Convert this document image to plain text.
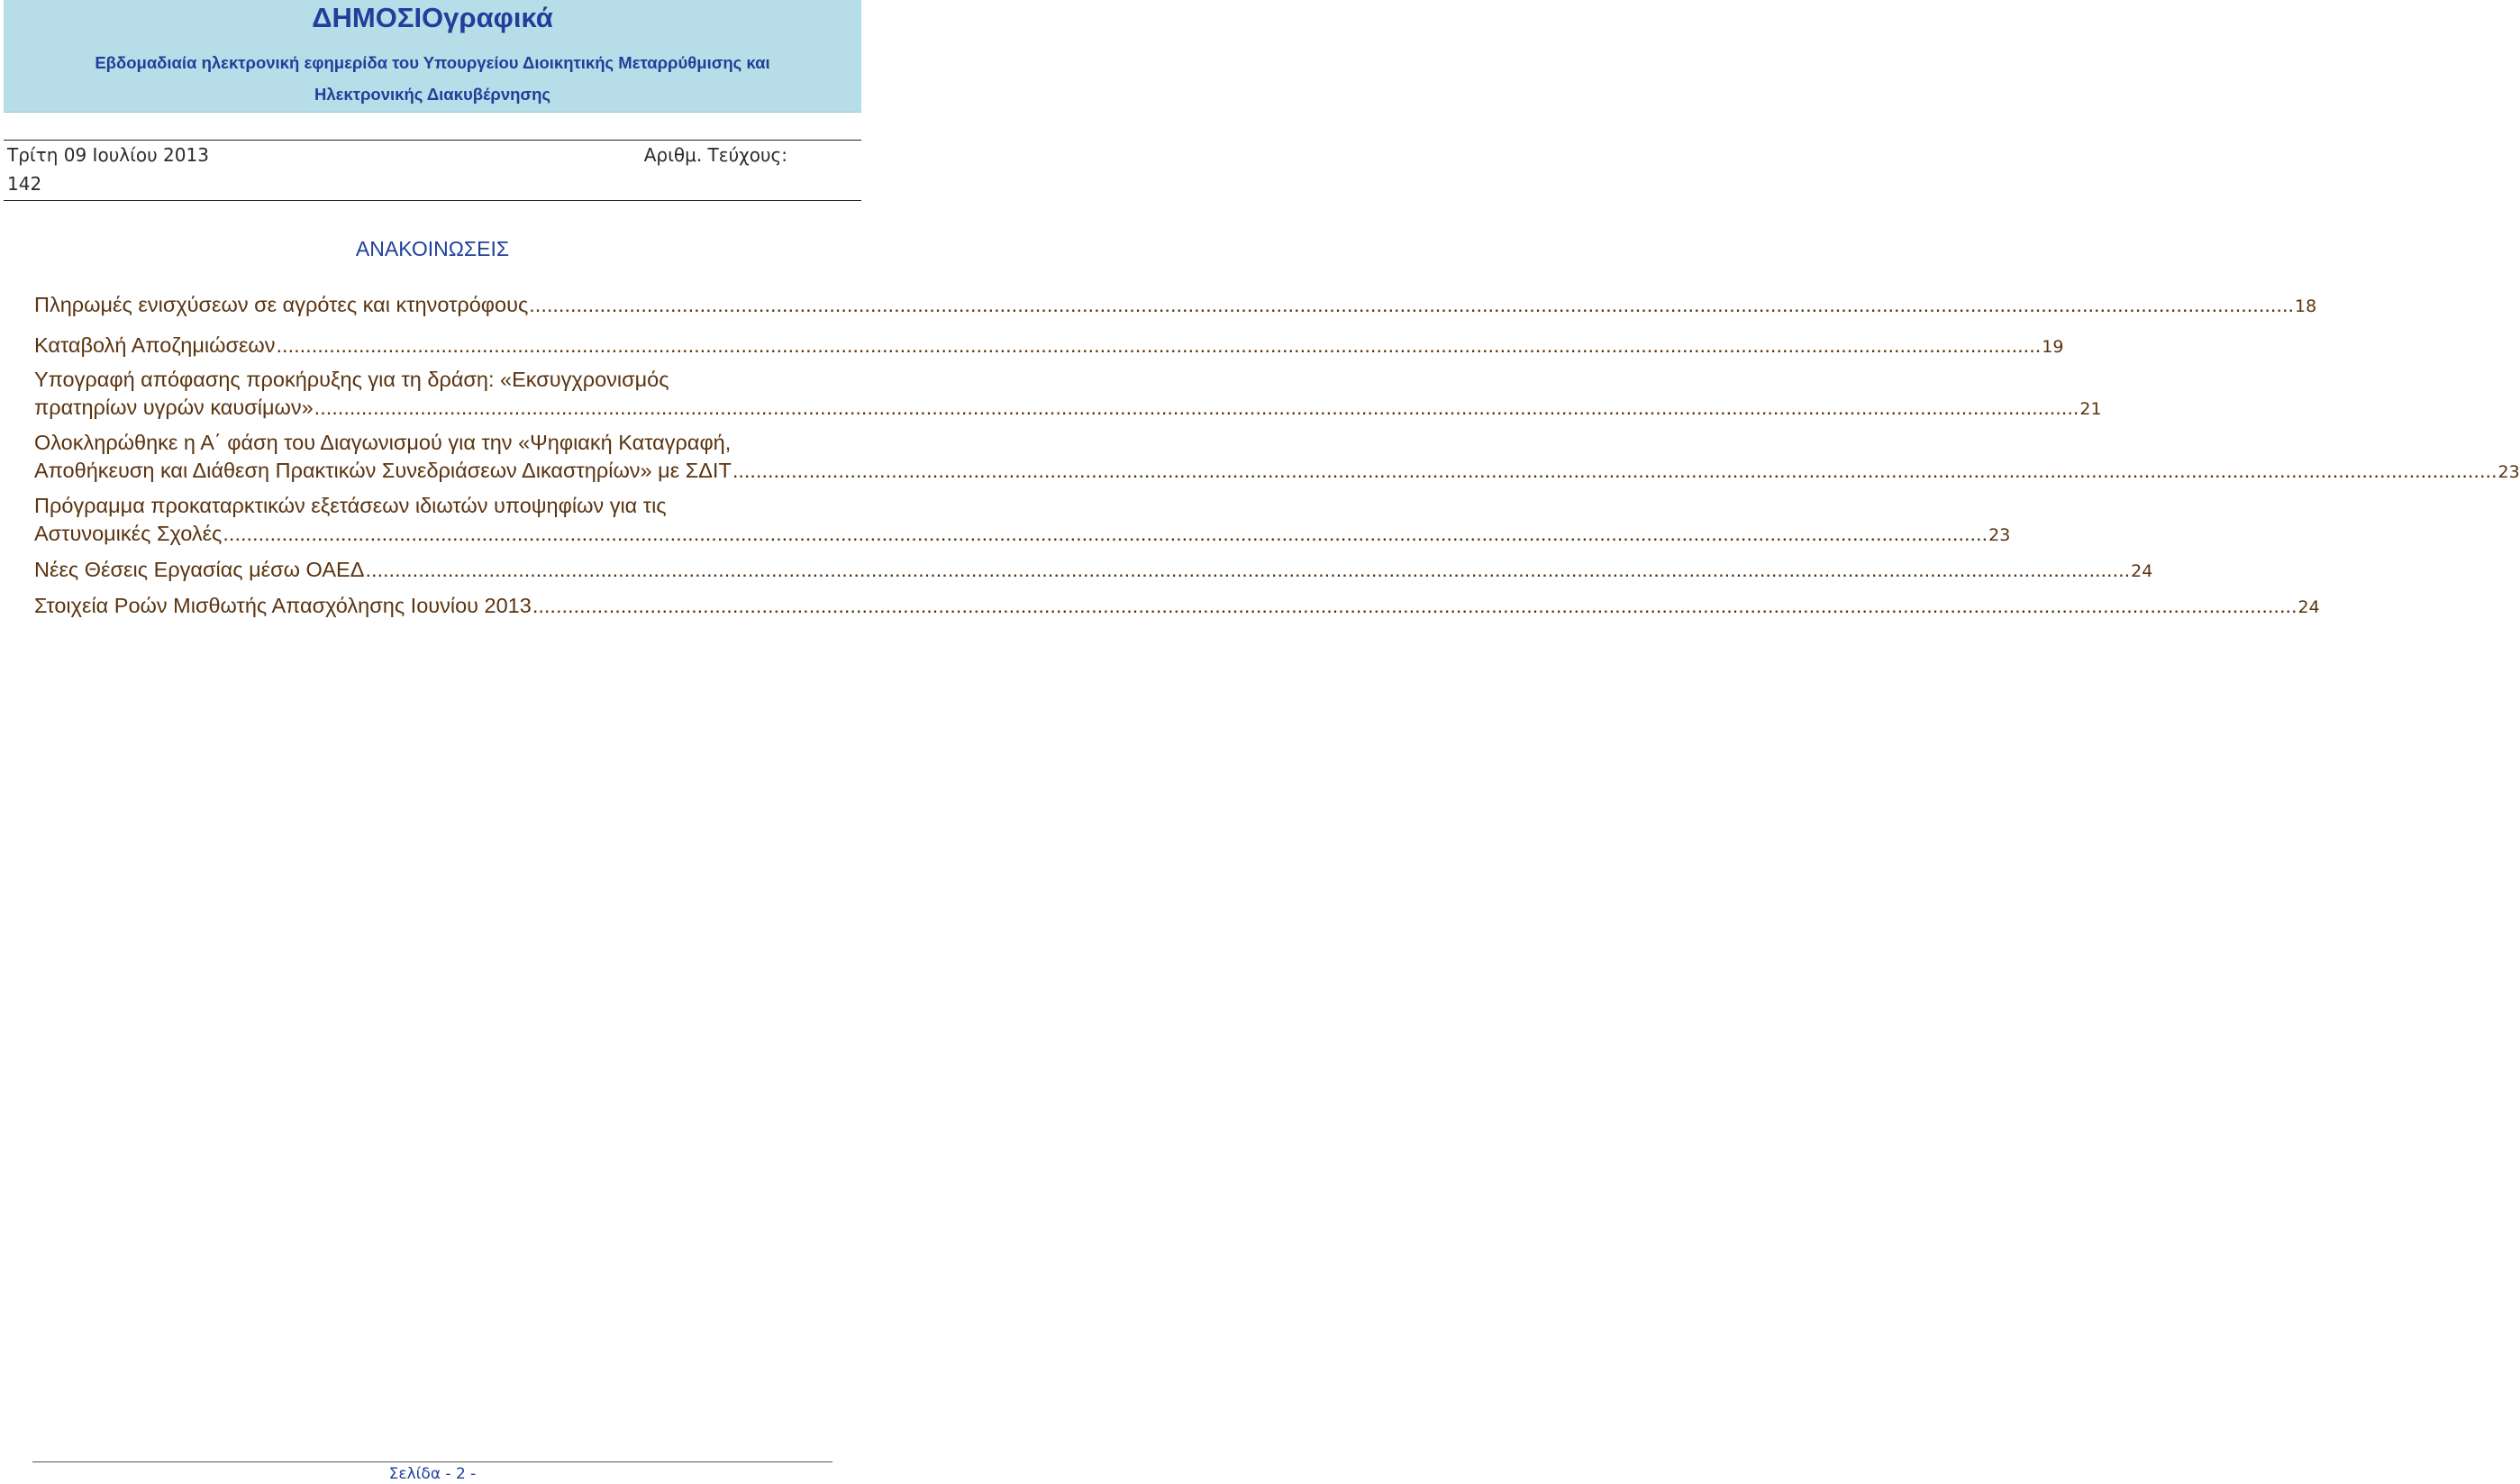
ΔΗΜΟΣΙΟγραφικά
Εβδομαδιαία ηλεκτρονική εφημερίδα του Υπουργείου Διοικητικής Μεταρρύθμισης και
Ηλεκτρονικής Διακυβέρνησης
Τρίτη 09 Ιουλίου 2013	Αριθμ. Τεύχους:
142
ΑΝΑΚΟΙΝΩΣΕΙΣ
Πληρωμές ενισχύσεων σε αγρότες και κτηνοτρόφους ............................................................................................................................................................................................................................................................................................................ 18
Καταβολή Αποζημιώσεων ............................................................................................................................................................................................................................................................................................................ 19
Υπογραφή απόφασης προκήρυξης για τη δράση: «Εκσυγχρονισμός
πρατηρίων υγρών καυσίμων» ............................................................................................................................................................................................................................................................................................................ 21
Ολοκληρώθηκε η Α΄ φάση του Διαγωνισμού για την «Ψηφιακή Καταγραφή,
Αποθήκευση και Διάθεση Πρακτικών Συνεδριάσεων Δικαστηρίων» με ΣΔΙΤ ............................................................................................................................................................................................................................................................................................................ 23
Πρόγραμμα προκαταρκτικών εξετάσεων ιδιωτών υποψηφίων για τις
Αστυνομικές Σχολές ............................................................................................................................................................................................................................................................................................................ 23
Νέες Θέσεις Εργασίας μέσω ΟΑΕΔ ............................................................................................................................................................................................................................................................................................................ 24
Στοιχεία Ροών Μισθωτής Απασχόλησης Ιουνίου 2013 ............................................................................................................................................................................................................................................................................................................ 24
Σελίδα - 2 -
